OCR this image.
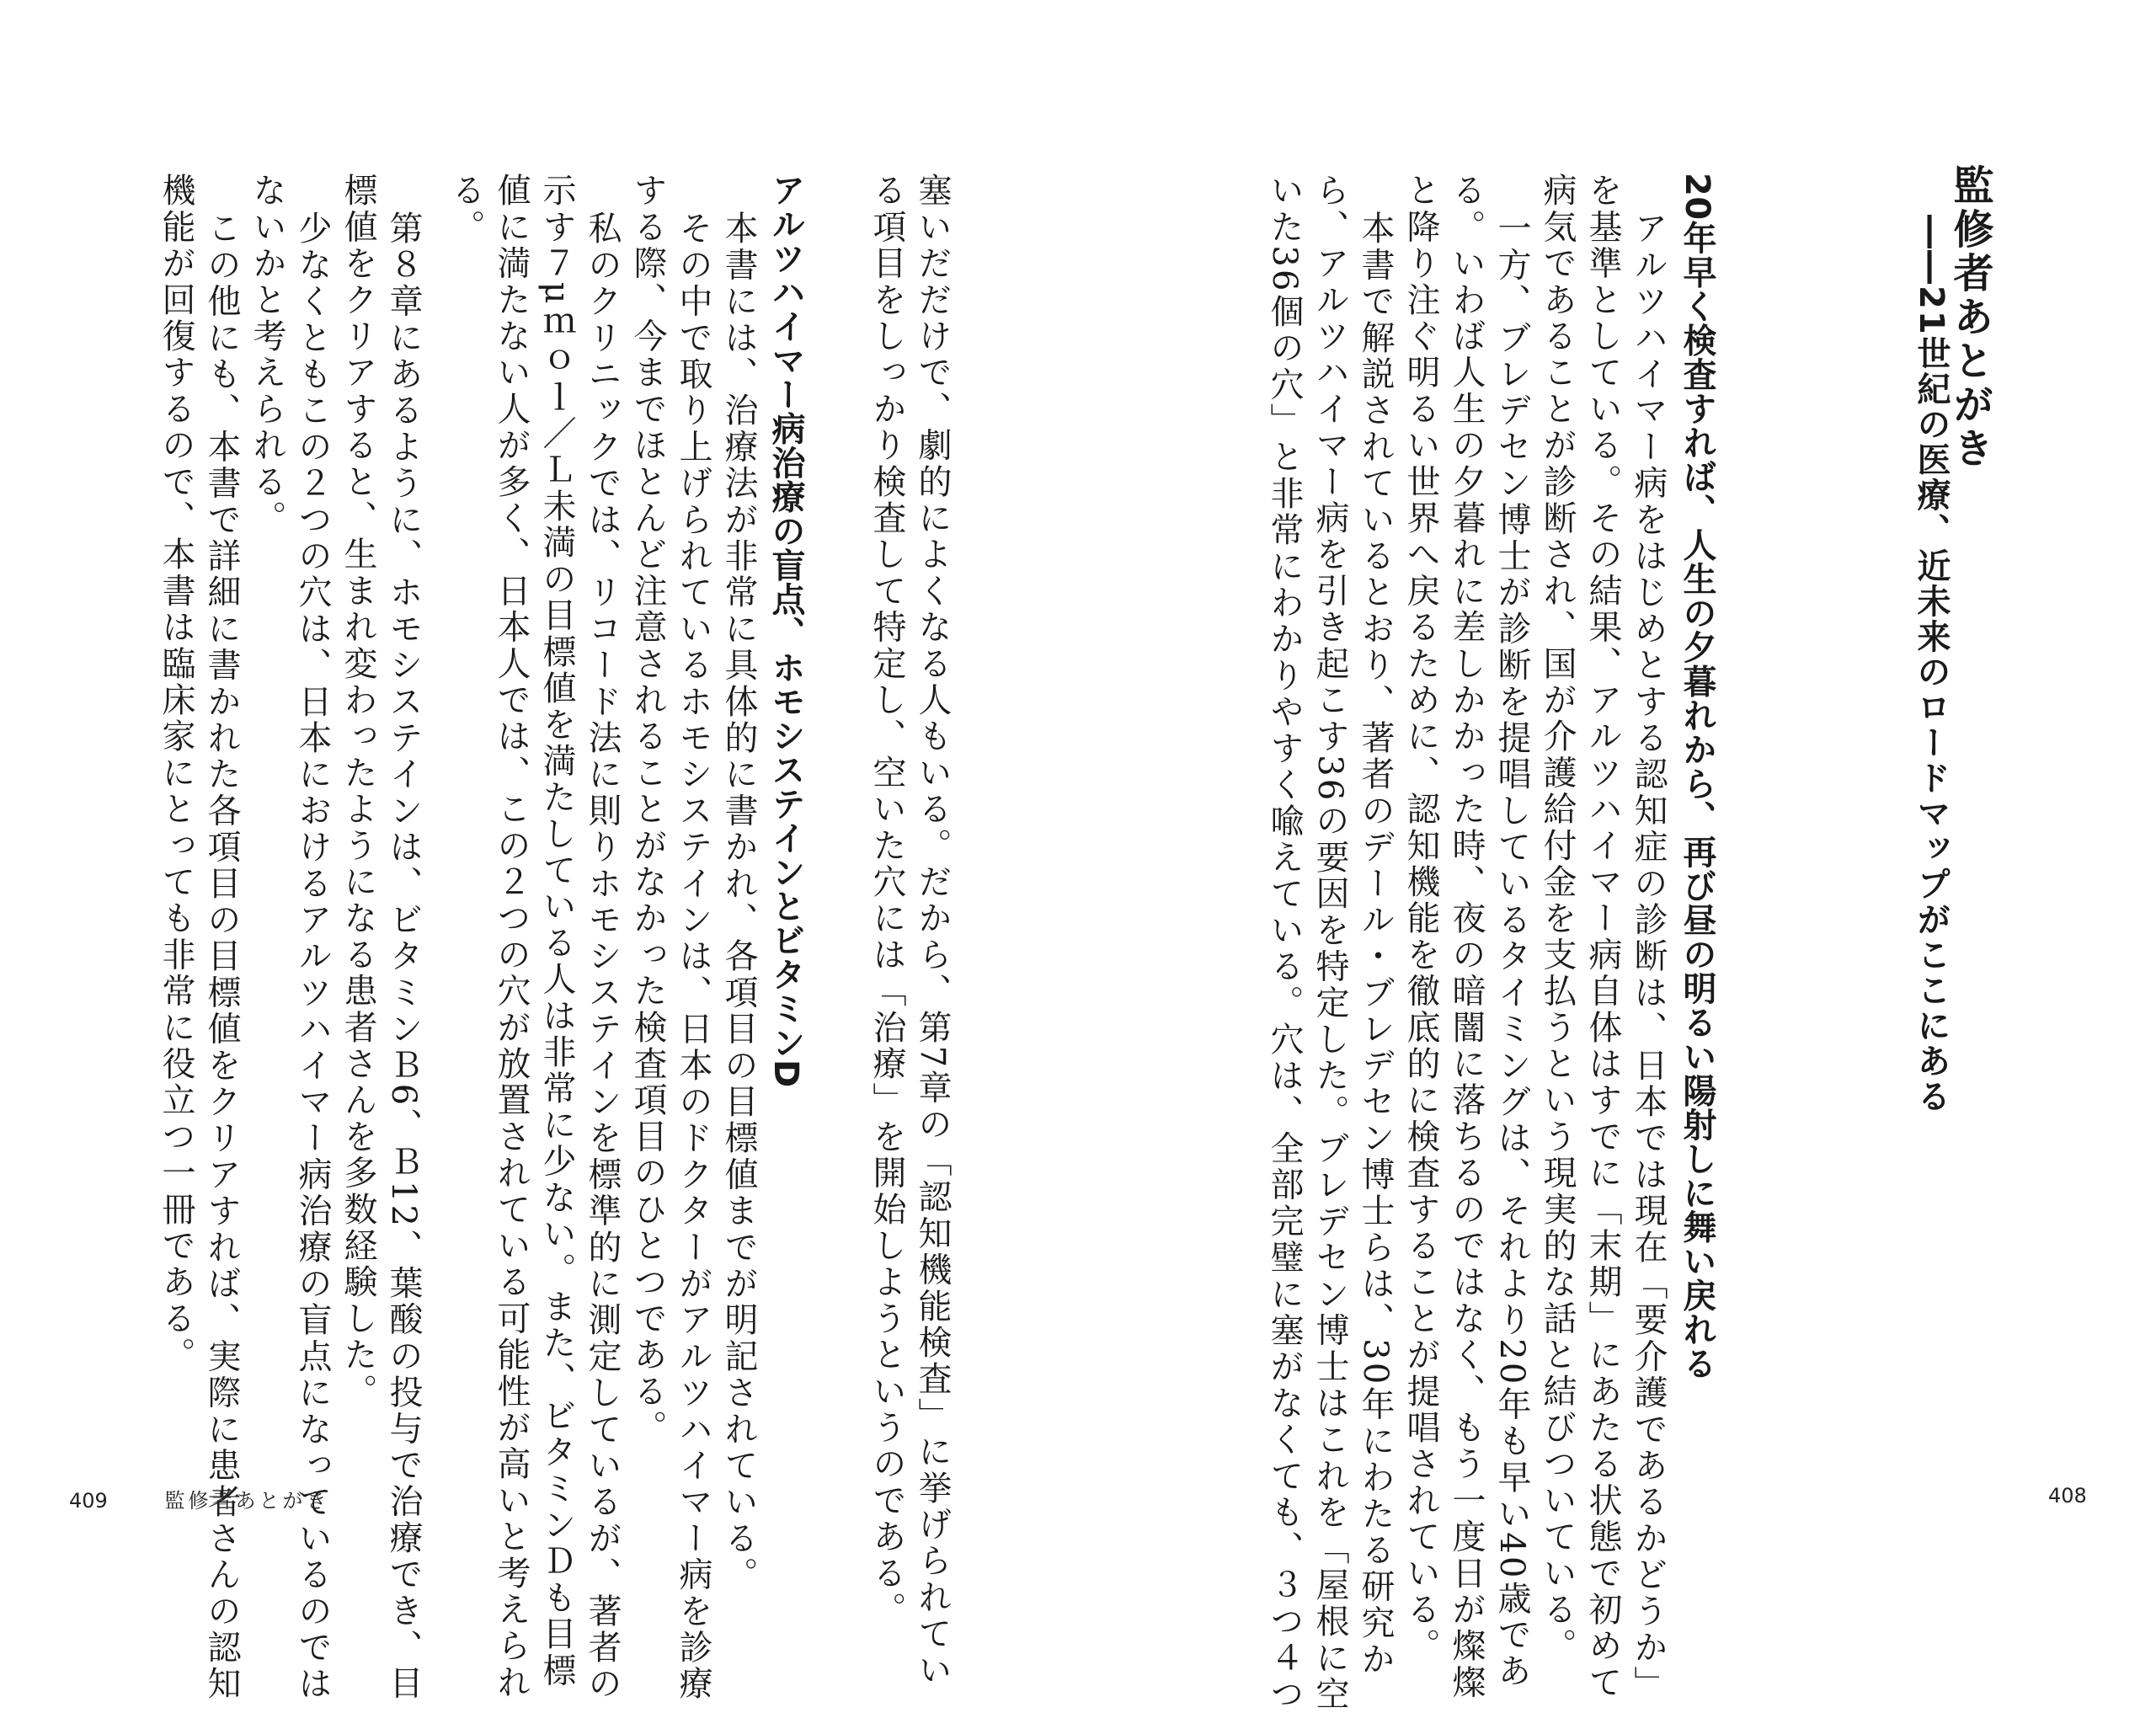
監修者あとがき
――21世紀の医療、近未来のロードマップがここにある
20年早く検査すれば、人生の夕暮れから、再び昼の明るい陽射しに舞い戻れる
アルツハイマー病をはじめとする認知症の診断は、日本では現在「要介護であるかどうか」
を基準としている。その結果、アルツハイマー病自体はすでに「末期」にあたる状態で初めて
病気であることが診断され、国が介護給付金を支払うという現実的な話と結びついている。
一方、ブレデセン博士が診断を提唱しているタイミングは、それより20年も早い40歳であ
る。いわば人生の夕暮れに差しかかった時、夜の暗闇に落ちるのではなく、もう一度日が燦燦
と降り注ぐ明るい世界へ戻るために、認知機能を徹底的に検査することが提唱されている。
本書で解説されているとおり、著者のデール・ブレデセン博士らは、30年にわたる研究か
ら、アルツハイマー病を引き起こす36の要因を特定した。ブレデセン博士はこれを「屋根に空
いた36個の穴」と非常にわかりやすく喩えている。穴は、全部完璧に塞がなくても、３つ４つ	408
塞いだだけで、劇的によくなる人もいる。だから、第7章の「認知機能検査」に挙げられてい
る項目をしっかり検査して特定し、空いた穴には「治療」を開始しようというのである。
アルツハイマー病治療の盲点、ホモシステインとビタミンD
本書には、治療法が非常に具体的に書かれ、各項目の目標値までが明記されている。
その中で取り上げられているホモシステインは、日本のドクターがアルツハイマー病を診療
する際、今までほとんど注意されることがなかった検査項目のひとつである。
私のクリニックでは、リコード法に則りホモシステインを標準的に測定しているが、著者の
示す７μｍｏｌ／Ｌ未満の目標値を満たしている人は非常に少ない。また、ビタミンＤも目標
値に満たない人が多く、日本人では、この２つの穴が放置されている可能性が高いと考えられ
る。
第８章にあるように、ホモシステインは、ビタミンＢ6、Ｂ12、葉酸の投与で治療でき、目
標値をクリアすると、生まれ変わったようになる患者さんを多数経験した。
少なくともこの２つの穴は、日本におけるアルツハイマー病治療の盲点になっているのでは
ないかと考えられる。
この他にも、本書で詳細に書かれた各項目の目標値をクリアすれば、実際に患者さんの認知
機能が回復するので、本書は臨床家にとっても非常に役立つ一冊である。
409	監修者あとがき
